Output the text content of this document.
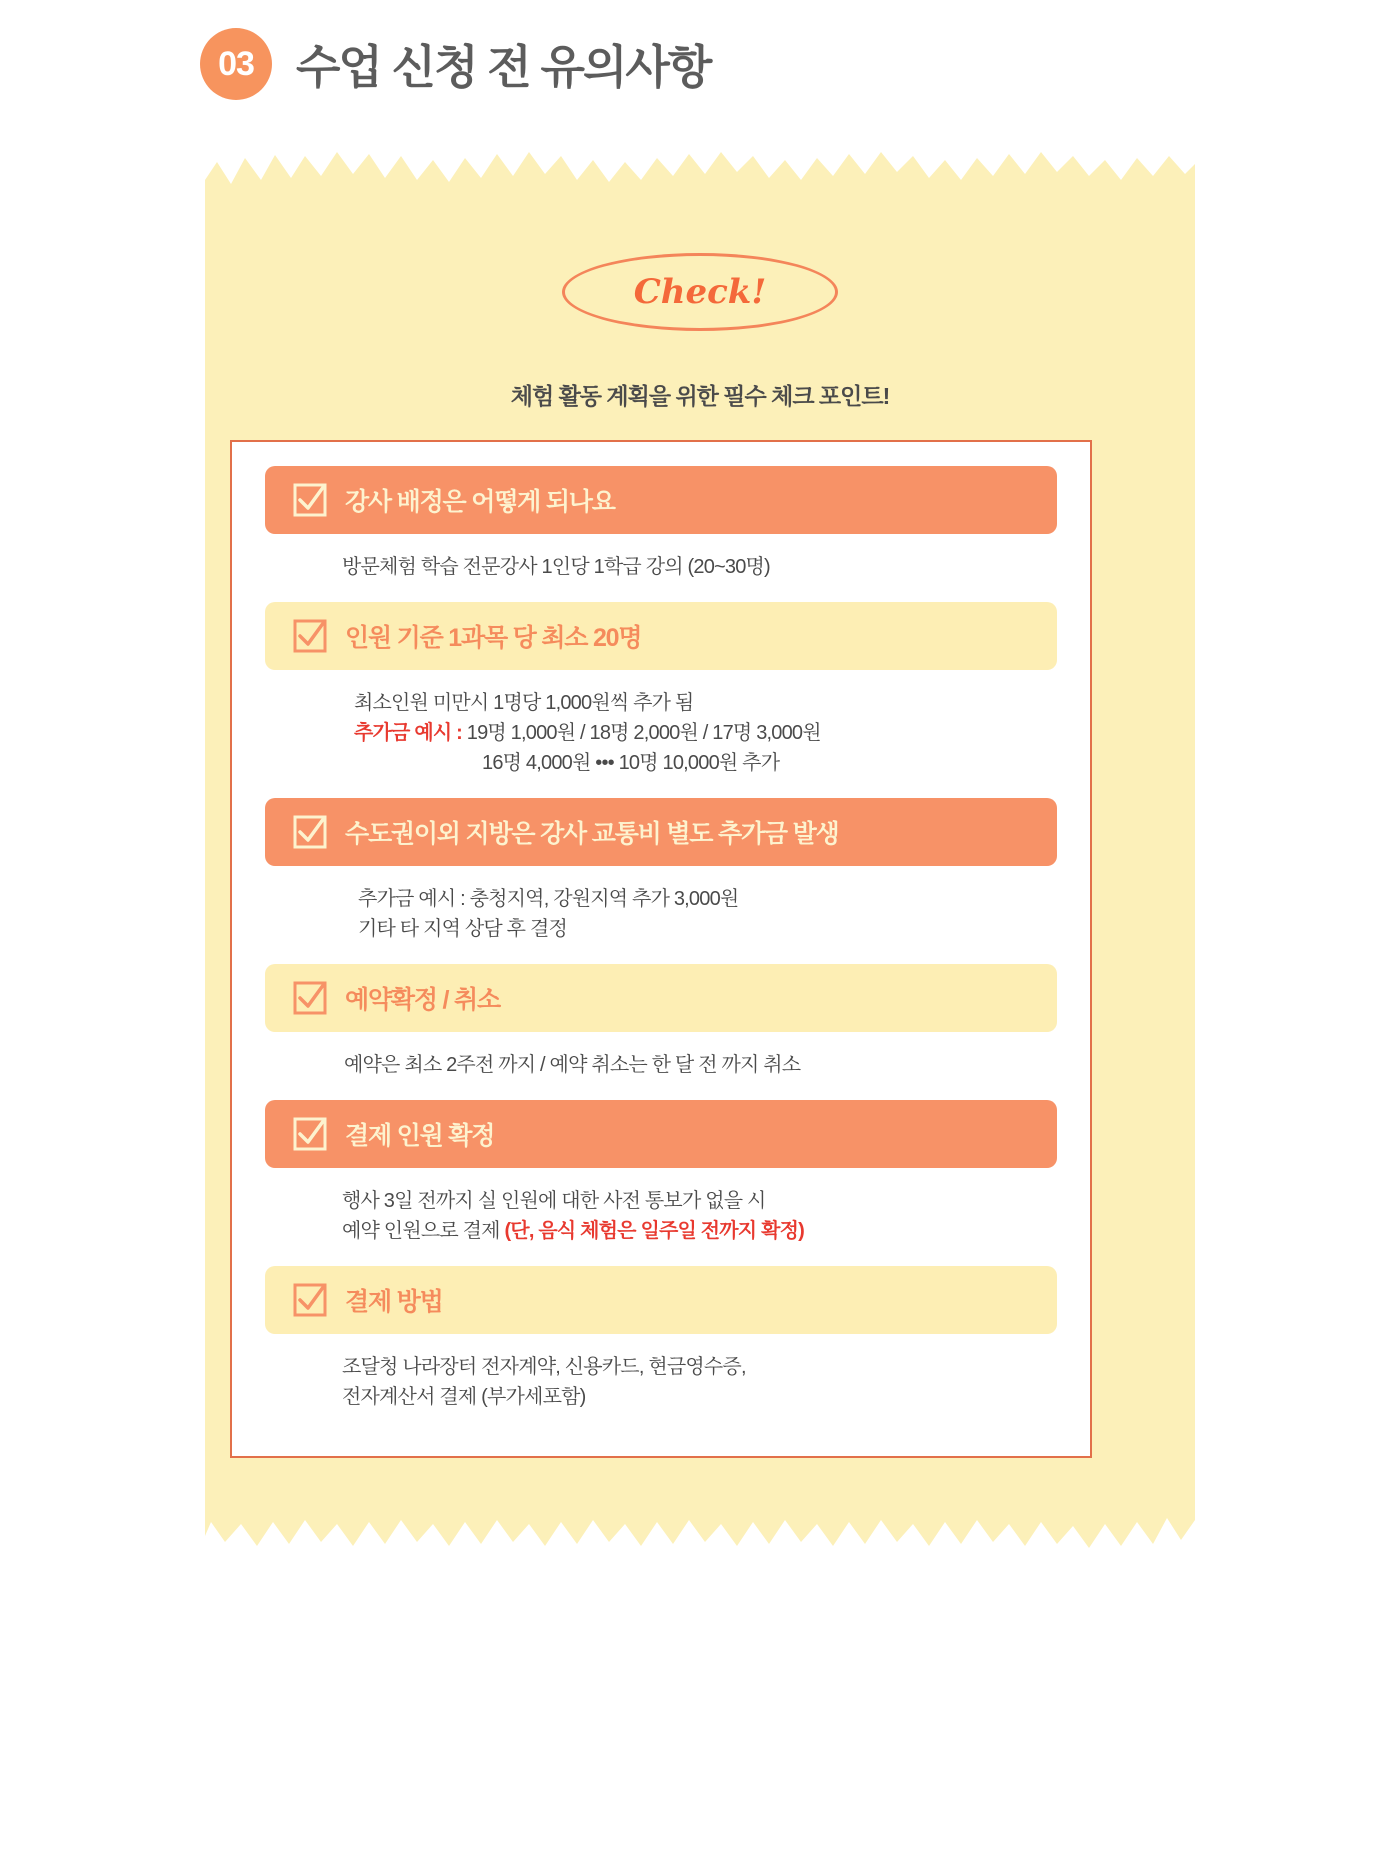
03 수업 신청 전 유의사항
Check!
체험 활동 계획을 위한 필수 체크 포인트!
강사 배정은 어떻게 되나요
방문체험 학습 전문강사 1인당 1학급 강의 (20~30명)
인원 기준 1과목 당 최소 20명
최소인원 미만시 1명당 1,000원씩 추가 됨
추가금 예시 : 19명 1,000원 / 18명 2,000원 / 17명 3,000원
16명 4,000원 ••• 10명 10,000원 추가
수도권이외 지방은 강사 교통비 별도 추가금 발생
추가금 예시 : 충청지역, 강원지역 추가 3,000원
기타 타 지역 상담 후 결정
예약확정 / 취소
예약은 최소 2주전 까지 / 예약 취소는 한 달 전 까지 취소
결제 인원 확정
행사 3일 전까지 실 인원에 대한 사전 통보가 없을 시
예약 인원으로 결제 (단, 음식 체험은 일주일 전까지 확정)
결제 방법
조달청 나라장터 전자계약, 신용카드, 현금영수증,
전자계산서 결제 (부가세포함)
